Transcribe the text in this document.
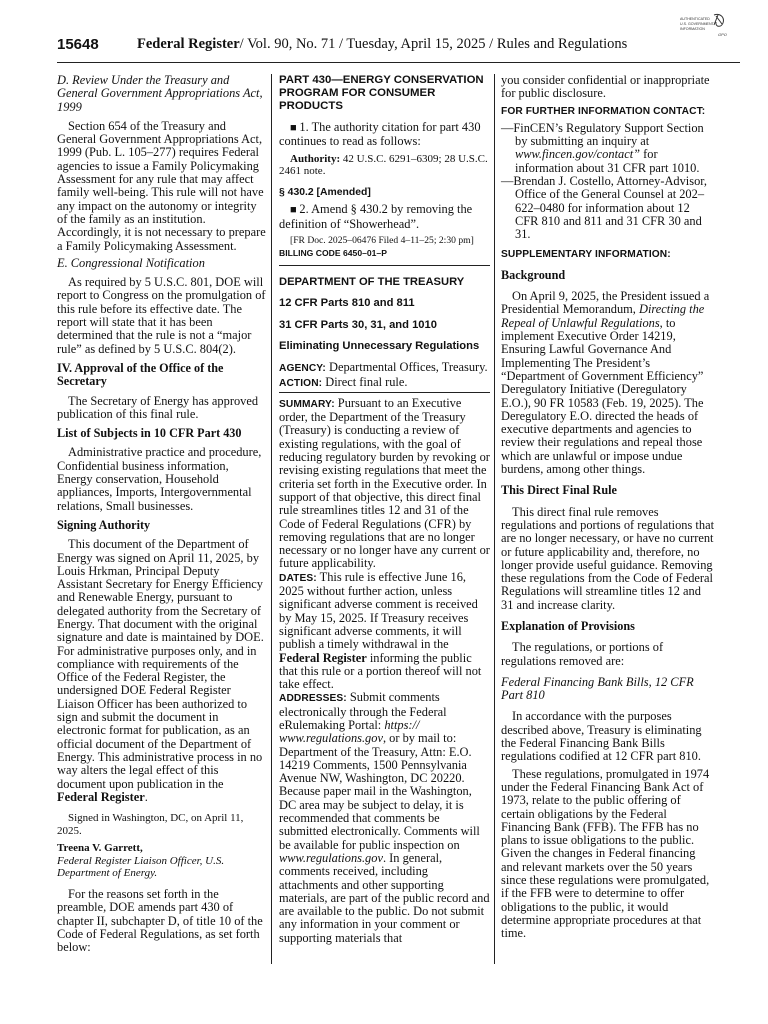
15648	Federal Register/ Vol. 90, No. 71 / Tuesday, April 15, 2025 / Rules and Regulations
AUTHENTICATED
U.S. GOVERNMENT
INFORMATION
GPO

D. Review Under the Treasury and General Government Appropriations Act, 1999

Section 654 of the Treasury and General Government Appropriations Act, 1999 (Pub. L. 105–277) requires Federal agencies to issue a Family Policymaking Assessment for any rule that may affect family well-being. This rule will not have any impact on the autonomy or integrity of the family as an institution. Accordingly, it is not necessary to prepare a Family Policymaking Assessment.

E. Congressional Notification

As required by 5 U.S.C. 801, DOE will report to Congress on the promulgation of this rule before its effective date. The report will state that it has been determined that the rule is not a “major rule” as defined by 5 U.S.C. 804(2).

IV. Approval of the Office of the Secretary

The Secretary of Energy has approved publication of this final rule.

List of Subjects in 10 CFR Part 430

Administrative practice and procedure, Confidential business information, Energy conservation, Household appliances, Imports, Intergovernmental relations, Small businesses.

Signing Authority

This document of the Department of Energy was signed on April 11, 2025, by Louis Hrkman, Principal Deputy Assistant Secretary for Energy Efficiency and Renewable Energy, pursuant to delegated authority from the Secretary of Energy. That document with the original signature and date is maintained by DOE. For administrative purposes only, and in compliance with requirements of the Office of the Federal Register, the undersigned DOE Federal Register Liaison Officer has been authorized to sign and submit the document in electronic format for publication, as an official document of the Department of Energy. This administrative process in no way alters the legal effect of this document upon publication in the Federal Register.

Signed in Washington, DC, on April 11, 2025.

Treena V. Garrett,

Federal Register Liaison Officer, U.S. Department of Energy.

For the reasons set forth in the preamble, DOE amends part 430 of chapter II, subchapter D, of title 10 of the Code of Federal Regulations, as set forth below:

PART 430—ENERGY CONSERVATION PROGRAM FOR CONSUMER PRODUCTS

■ 1. The authority citation for part 430 continues to read as follows:

Authority: 42 U.S.C. 6291–6309; 28 U.S.C. 2461 note.

§ 430.2 [Amended]

■ 2. Amend § 430.2 by removing the definition of “Showerhead”.

[FR Doc. 2025–06476 Filed 4–11–25; 2:30 pm]

BILLING CODE 6450–01–P

DEPARTMENT OF THE TREASURY

12 CFR Parts 810 and 811

31 CFR Parts 30, 31, and 1010

Eliminating Unnecessary Regulations

AGENCY: Departmental Offices, Treasury.

ACTION: Direct final rule.

SUMMARY: Pursuant to an Executive order, the Department of the Treasury (Treasury) is conducting a review of existing regulations, with the goal of reducing regulatory burden by revoking or revising existing regulations that meet the criteria set forth in the Executive order. In support of that objective, this direct final rule streamlines titles 12 and 31 of the Code of Federal Regulations (CFR) by removing regulations that are no longer necessary or no longer have any current or future applicability.

DATES: This rule is effective June 16, 2025 without further action, unless significant adverse comment is received by May 15, 2025. If Treasury receives significant adverse comments, it will publish a timely withdrawal in the Federal Register informing the public that this rule or a portion thereof will not take effect.

ADDRESSES: Submit comments electronically through the Federal eRulemaking Portal: https:// www.regulations.gov, or by mail to: Department of the Treasury, Attn: E.O. 14219 Comments, 1500 Pennsylvania Avenue NW, Washington, DC 20220. Because paper mail in the Washington, DC area may be subject to delay, it is recommended that comments be submitted electronically. Comments will be available for public inspection on www.regulations.gov. In general, comments received, including attachments and other supporting materials, are part of the public record and are available to the public. Do not submit any information in your comment or supporting materials that

you consider confidential or inappropriate for public disclosure.

FOR FURTHER INFORMATION CONTACT:

—FinCEN’s Regulatory Support Section by submitting an inquiry at www.fincen.gov/contact” for information about 31 CFR part 1010.

—Brendan J. Costello, Attorney-Advisor, Office of the General Counsel at 202–622–0480 for information about 12 CFR 810 and 811 and 31 CFR 30 and 31.

SUPPLEMENTARY INFORMATION:

Background

On April 9, 2025, the President issued a Presidential Memorandum, Directing the Repeal of Unlawful Regulations, to implement Executive Order 14219, Ensuring Lawful Governance And Implementing The President’s “Department of Government Efficiency” Deregulatory Initiative (Deregulatory E.O.), 90 FR 10583 (Feb. 19, 2025). The Deregulatory E.O. directed the heads of executive departments and agencies to review their regulations and repeal those which are unlawful or impose undue burdens, among other things.

This Direct Final Rule

This direct final rule removes regulations and portions of regulations that are no longer necessary, or have no current or future applicability and, therefore, no longer provide useful guidance. Removing these regulations from the Code of Federal Regulations will streamline titles 12 and 31 and increase clarity.

Explanation of Provisions

The regulations, or portions of regulations removed are:

Federal Financing Bank Bills, 12 CFR Part 810

In accordance with the purposes described above, Treasury is eliminating the Federal Financing Bank Bills regulations codified at 12 CFR part 810.

These regulations, promulgated in 1974 under the Federal Financing Bank Act of 1973, relate to the public offering of certain obligations by the Federal Financing Bank (FFB). The FFB has no plans to issue obligations to the public. Given the changes in Federal financing and relevant markets over the 50 years since these regulations were promulgated, if the FFB were to determine to offer obligations to the public, it would determine appropriate procedures at that time.
